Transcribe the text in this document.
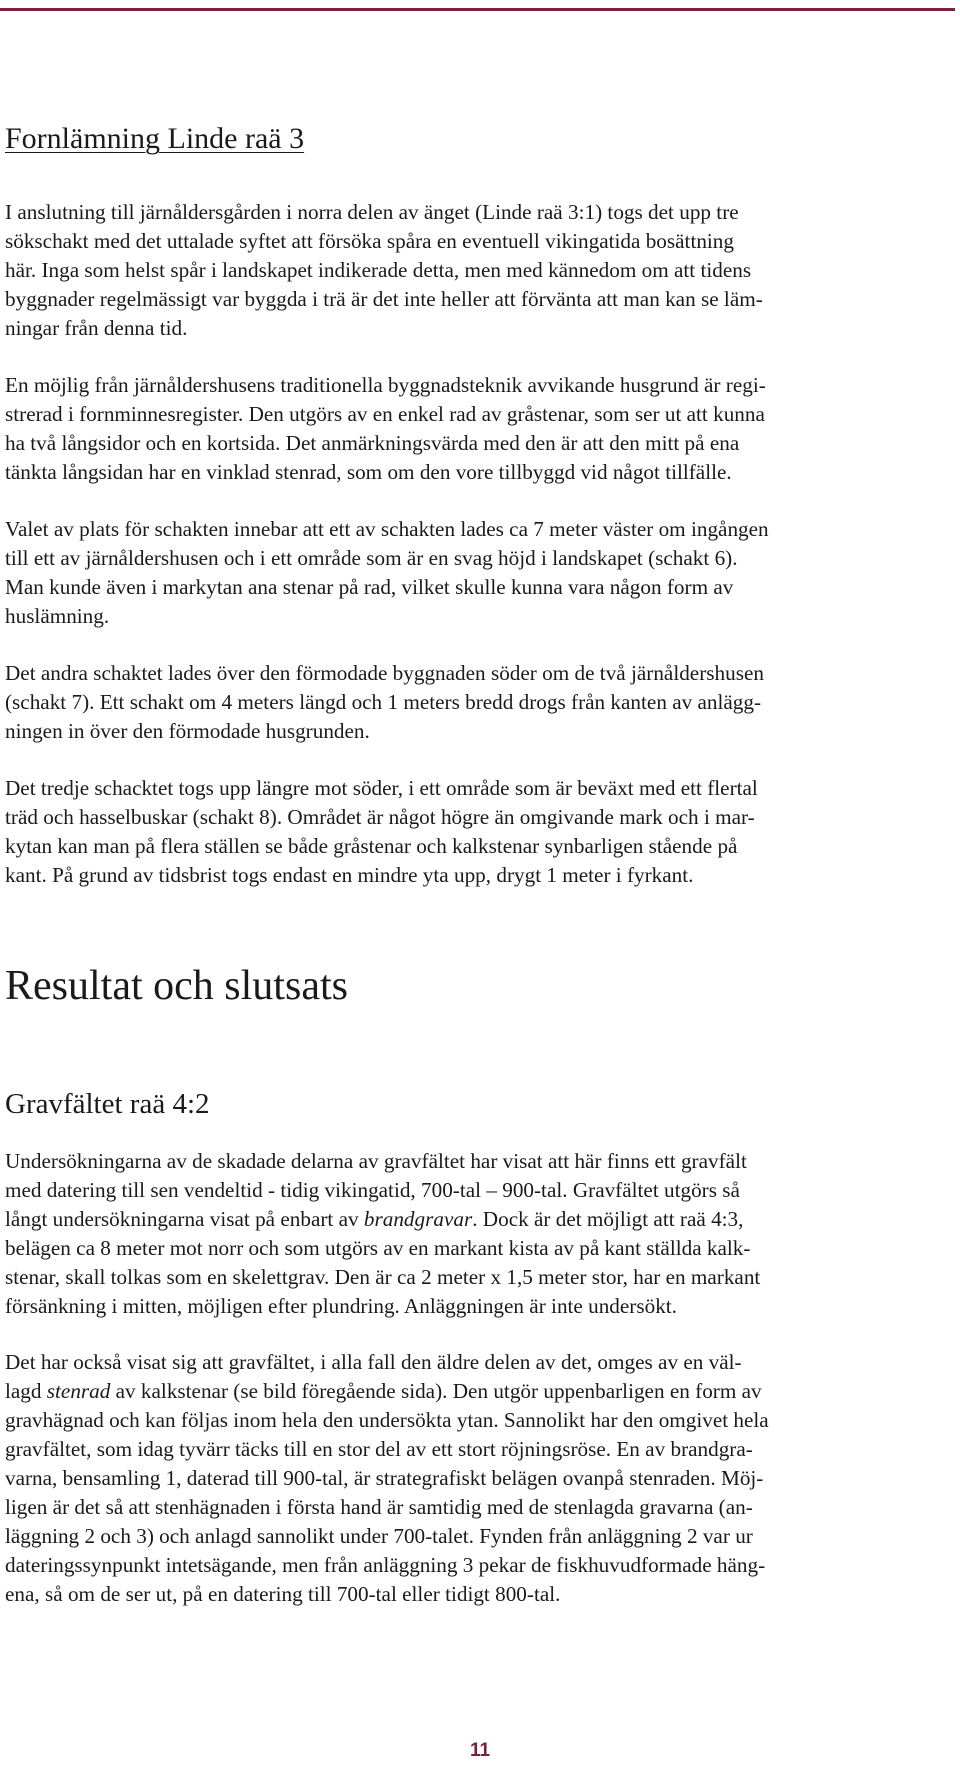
Fornlämning Linde raä 3

I anslutning till järnåldersgården i norra delen av änget (Linde raä 3:1) togs det upp tre
sökschakt med det uttalade syftet att försöka spåra en eventuell vikingatida bosättning
här. Inga som helst spår i landskapet indikerade detta, men med kännedom om att tidens
byggnader regelmässigt var byggda i trä är det inte heller att förvänta att man kan se läm-
ningar från denna tid.

En möjlig från järnåldershusens traditionella byggnadsteknik avvikande husgrund är regi-
strerad i fornminnesregister. Den utgörs av en enkel rad av gråstenar, som ser ut att kunna
ha två långsidor och en kortsida. Det anmärkningsvärda med den är att den mitt på ena
tänkta långsidan har en vinklad stenrad, som om den vore tillbyggd vid något tillfälle.

Valet av plats för schakten innebar att ett av schakten lades ca 7 meter väster om ingången
till ett av järnåldershusen och i ett område som är en svag höjd i landskapet (schakt 6).
Man kunde även i markytan ana stenar på rad, vilket skulle kunna vara någon form av
huslämning.

Det andra schaktet lades över den förmodade byggnaden söder om de två järnåldershusen
(schakt 7). Ett schakt om 4 meters längd och 1 meters bredd drogs från kanten av anlägg-
ningen in över den förmodade husgrunden.

Det tredje schacktet togs upp längre mot söder, i ett område som är beväxt med ett flertal
träd och hasselbuskar (schakt 8). Området är något högre än omgivande mark och i mar-
kytan kan man på flera ställen se både gråstenar och kalkstenar synbarligen stående på
kant. På grund av tidsbrist togs endast en mindre yta upp, drygt 1 meter i fyrkant.

Resultat och slutsats
Gravfältet raä 4:2

Undersökningarna av de skadade delarna av gravfältet har visat att här finns ett gravfält
med datering till sen vendeltid - tidig vikingatid, 700-tal – 900-tal. Gravfältet utgörs så
långt undersökningarna visat på enbart av brandgravar. Dock är det möjligt att raä 4:3,
belägen ca 8 meter mot norr och som utgörs av en markant kista av på kant ställda kalk-
stenar, skall tolkas som en skelettgrav. Den är ca 2 meter x 1,5 meter stor, har en markant
försänkning i mitten, möjligen efter plundring. Anläggningen är inte undersökt.

Det har också visat sig att gravfältet, i alla fall den äldre delen av det, omges av en väl-
lagd stenrad av kalkstenar (se bild föregående sida). Den utgör uppenbarligen en form av
gravhägnad och kan följas inom hela den undersökta ytan. Sannolikt har den omgivet hela
gravfältet, som idag tyvärr täcks till en stor del av ett stort röjningsröse. En av brandgra-
varna, bensamling 1, daterad till 900-tal, är strategrafiskt belägen ovanpå stenraden. Möj-
ligen är det så att stenhägnaden i första hand är samtidig med de stenlagda gravarna (an-
läggning 2 och 3) och anlagd sannolikt under 700-talet. Fynden från anläggning 2 var ur
dateringssynpunkt intetsägande, men från anläggning 3 pekar de fiskhuvudformade häng-
ena, så om de ser ut, på en datering till 700-tal eller tidigt 800-tal.

11
